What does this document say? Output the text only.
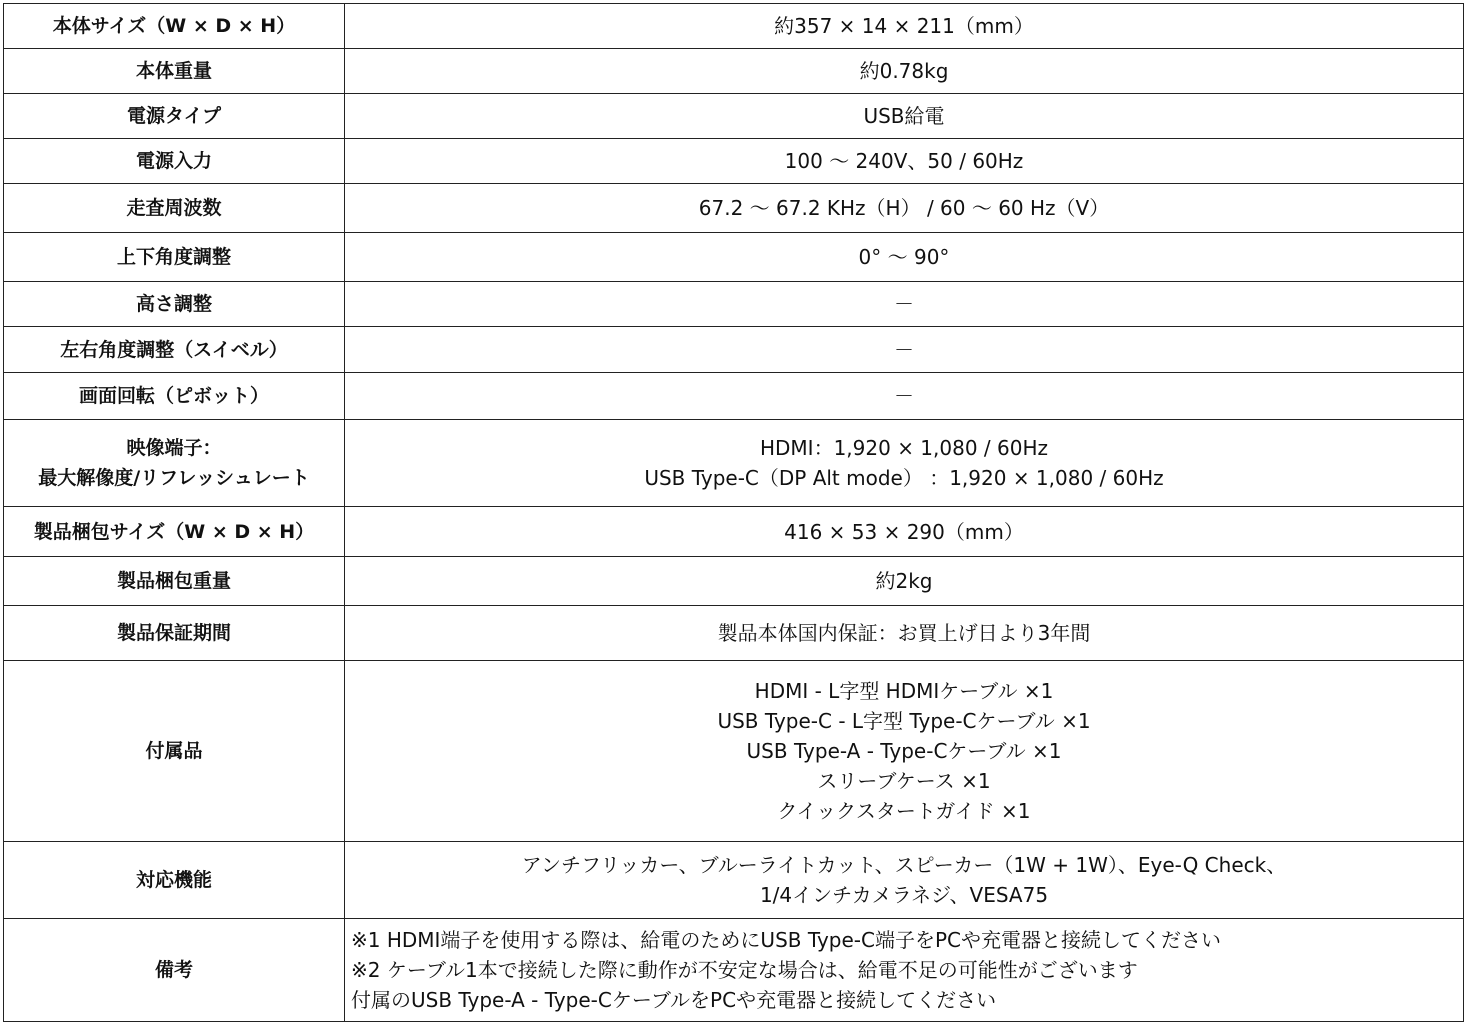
本体サイズ（W × D × H）	約357 × 14 × 211（mm）

本体重量	約0.78kg

電源タイプ	USB給電

電源入力	100 ～ 240V、50 / 60Hz

走査周波数	67.2 ～ 67.2 KHz（H） / 60 ～ 60 Hz（V）

上下角度調整	0° ～ 90°

高さ調整	－

左右角度調整（スイベル）	－

画面回転（ピボット）	－

映像端子：
最大解像度/リフレッシュレート	HDMI：1,920 × 1,080 / 60Hz
USB Type-C（DP Alt mode） ：1,920 × 1,080 / 60Hz

製品梱包サイズ（W × D × H）	416 × 53 × 290（mm）

製品梱包重量	約2kg

製品保証期間	製品本体国内保証：お買上げ日より3年間

付属品	HDMI - L字型 HDMIケーブル ×1
USB Type-C - L字型 Type-Cケーブル ×1
USB Type-A - Type-Cケーブル ×1
スリーブケース ×1
クイックスタートガイド ×1

対応機能	アンチフリッカー、ブルーライトカット、スピーカー（1W + 1W）、Eye-Q Check、
1/4インチカメラネジ、VESA75

備考	※1 HDMI端子を使用する際は、給電のためにUSB Type-C端子をPCや充電器と接続してください
※2 ケーブル1本で接続した際に動作が不安定な場合は、給電不足の可能性がございます
付属のUSB Type-A - Type-CケーブルをPCや充電器と接続してください
